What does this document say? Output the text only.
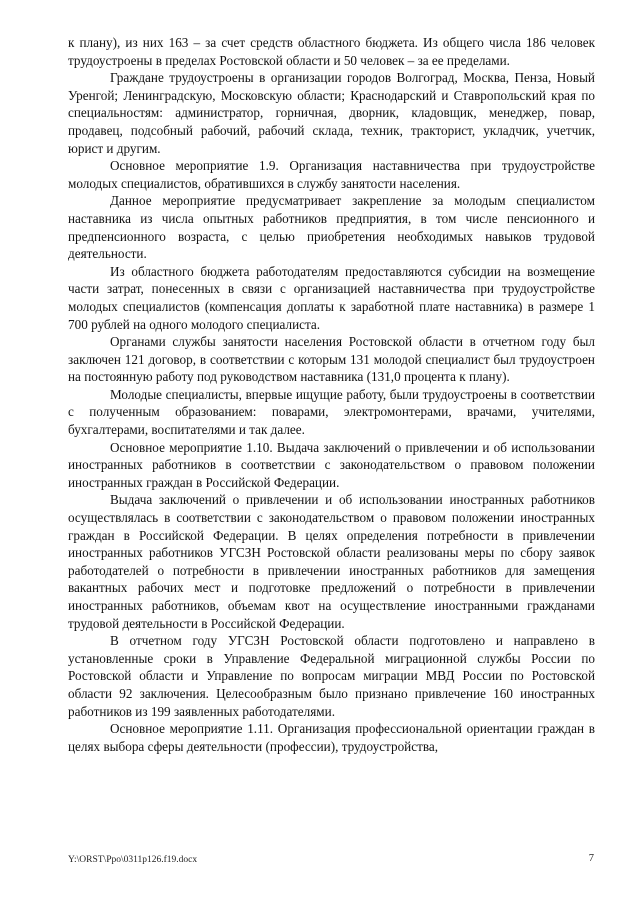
к плану), из них 163 – за счет средств областного бюджета. Из общего числа 186 человек трудоустроены в пределах Ростовской области и 50 человек – за ее пределами.

Граждане трудоустроены в организации городов Волгоград, Москва, Пенза, Новый Уренгой; Ленинградскую, Московскую области; Краснодарский и Ставропольский края по специальностям: администратор, горничная, дворник, кладовщик, менеджер, повар, продавец, подсобный рабочий, рабочий склада, техник, тракторист, укладчик, учетчик, юрист и другим.

Основное мероприятие 1.9. Организация наставничества при трудоустройстве молодых специалистов, обратившихся в службу занятости населения.

Данное мероприятие предусматривает закрепление за молодым специалистом наставника из числа опытных работников предприятия, в том числе пенсионного и предпенсионного возраста, с целью приобретения необходимых навыков трудовой деятельности.

Из областного бюджета работодателям предоставляются субсидии на возмещение части затрат, понесенных в связи с организацией наставничества при трудоустройстве молодых специалистов (компенсация доплаты к заработной плате наставника) в размере 1 700 рублей на одного молодого специалиста.

Органами службы занятости населения Ростовской области в отчетном году был заключен 121 договор, в соответствии с которым 131 молодой специалист был трудоустроен на постоянную работу под руководством наставника (131,0 процента к плану).

Молодые специалисты, впервые ищущие работу, были трудоустроены в соответствии с полученным образованием: поварами, электромонтерами, врачами, учителями, бухгалтерами, воспитателями и так далее.

Основное мероприятие 1.10. Выдача заключений о привлечении и об использовании иностранных работников в соответствии с законодательством о правовом положении иностранных граждан в Российской Федерации.

Выдача заключений о привлечении и об использовании иностранных работников осуществлялась в соответствии с законодательством о правовом положении иностранных граждан в Российской Федерации. В целях определения потребности в привлечении иностранных работников УГСЗН Ростовской области реализованы меры по сбору заявок работодателей о потребности в привлечении иностранных работников для замещения вакантных рабочих мест и подготовке предложений о потребности в привлечении иностранных работников, объемам квот на осуществление иностранными гражданами трудовой деятельности в Российской Федерации.

В отчетном году УГСЗН Ростовской области подготовлено и направлено в установленные сроки в Управление Федеральной миграционной службы России по Ростовской области и Управление по вопросам миграции МВД России по Ростовской области 92 заключения. Целесообразным было признано привлечение 160 иностранных работников из 199 заявленных работодателями.

Основное мероприятие 1.11. Организация профессиональной ориентации граждан в целях выбора сферы деятельности (профессии), трудоустройства,

Y:\ORST\Ppo\0311p126.f19.docx	7
